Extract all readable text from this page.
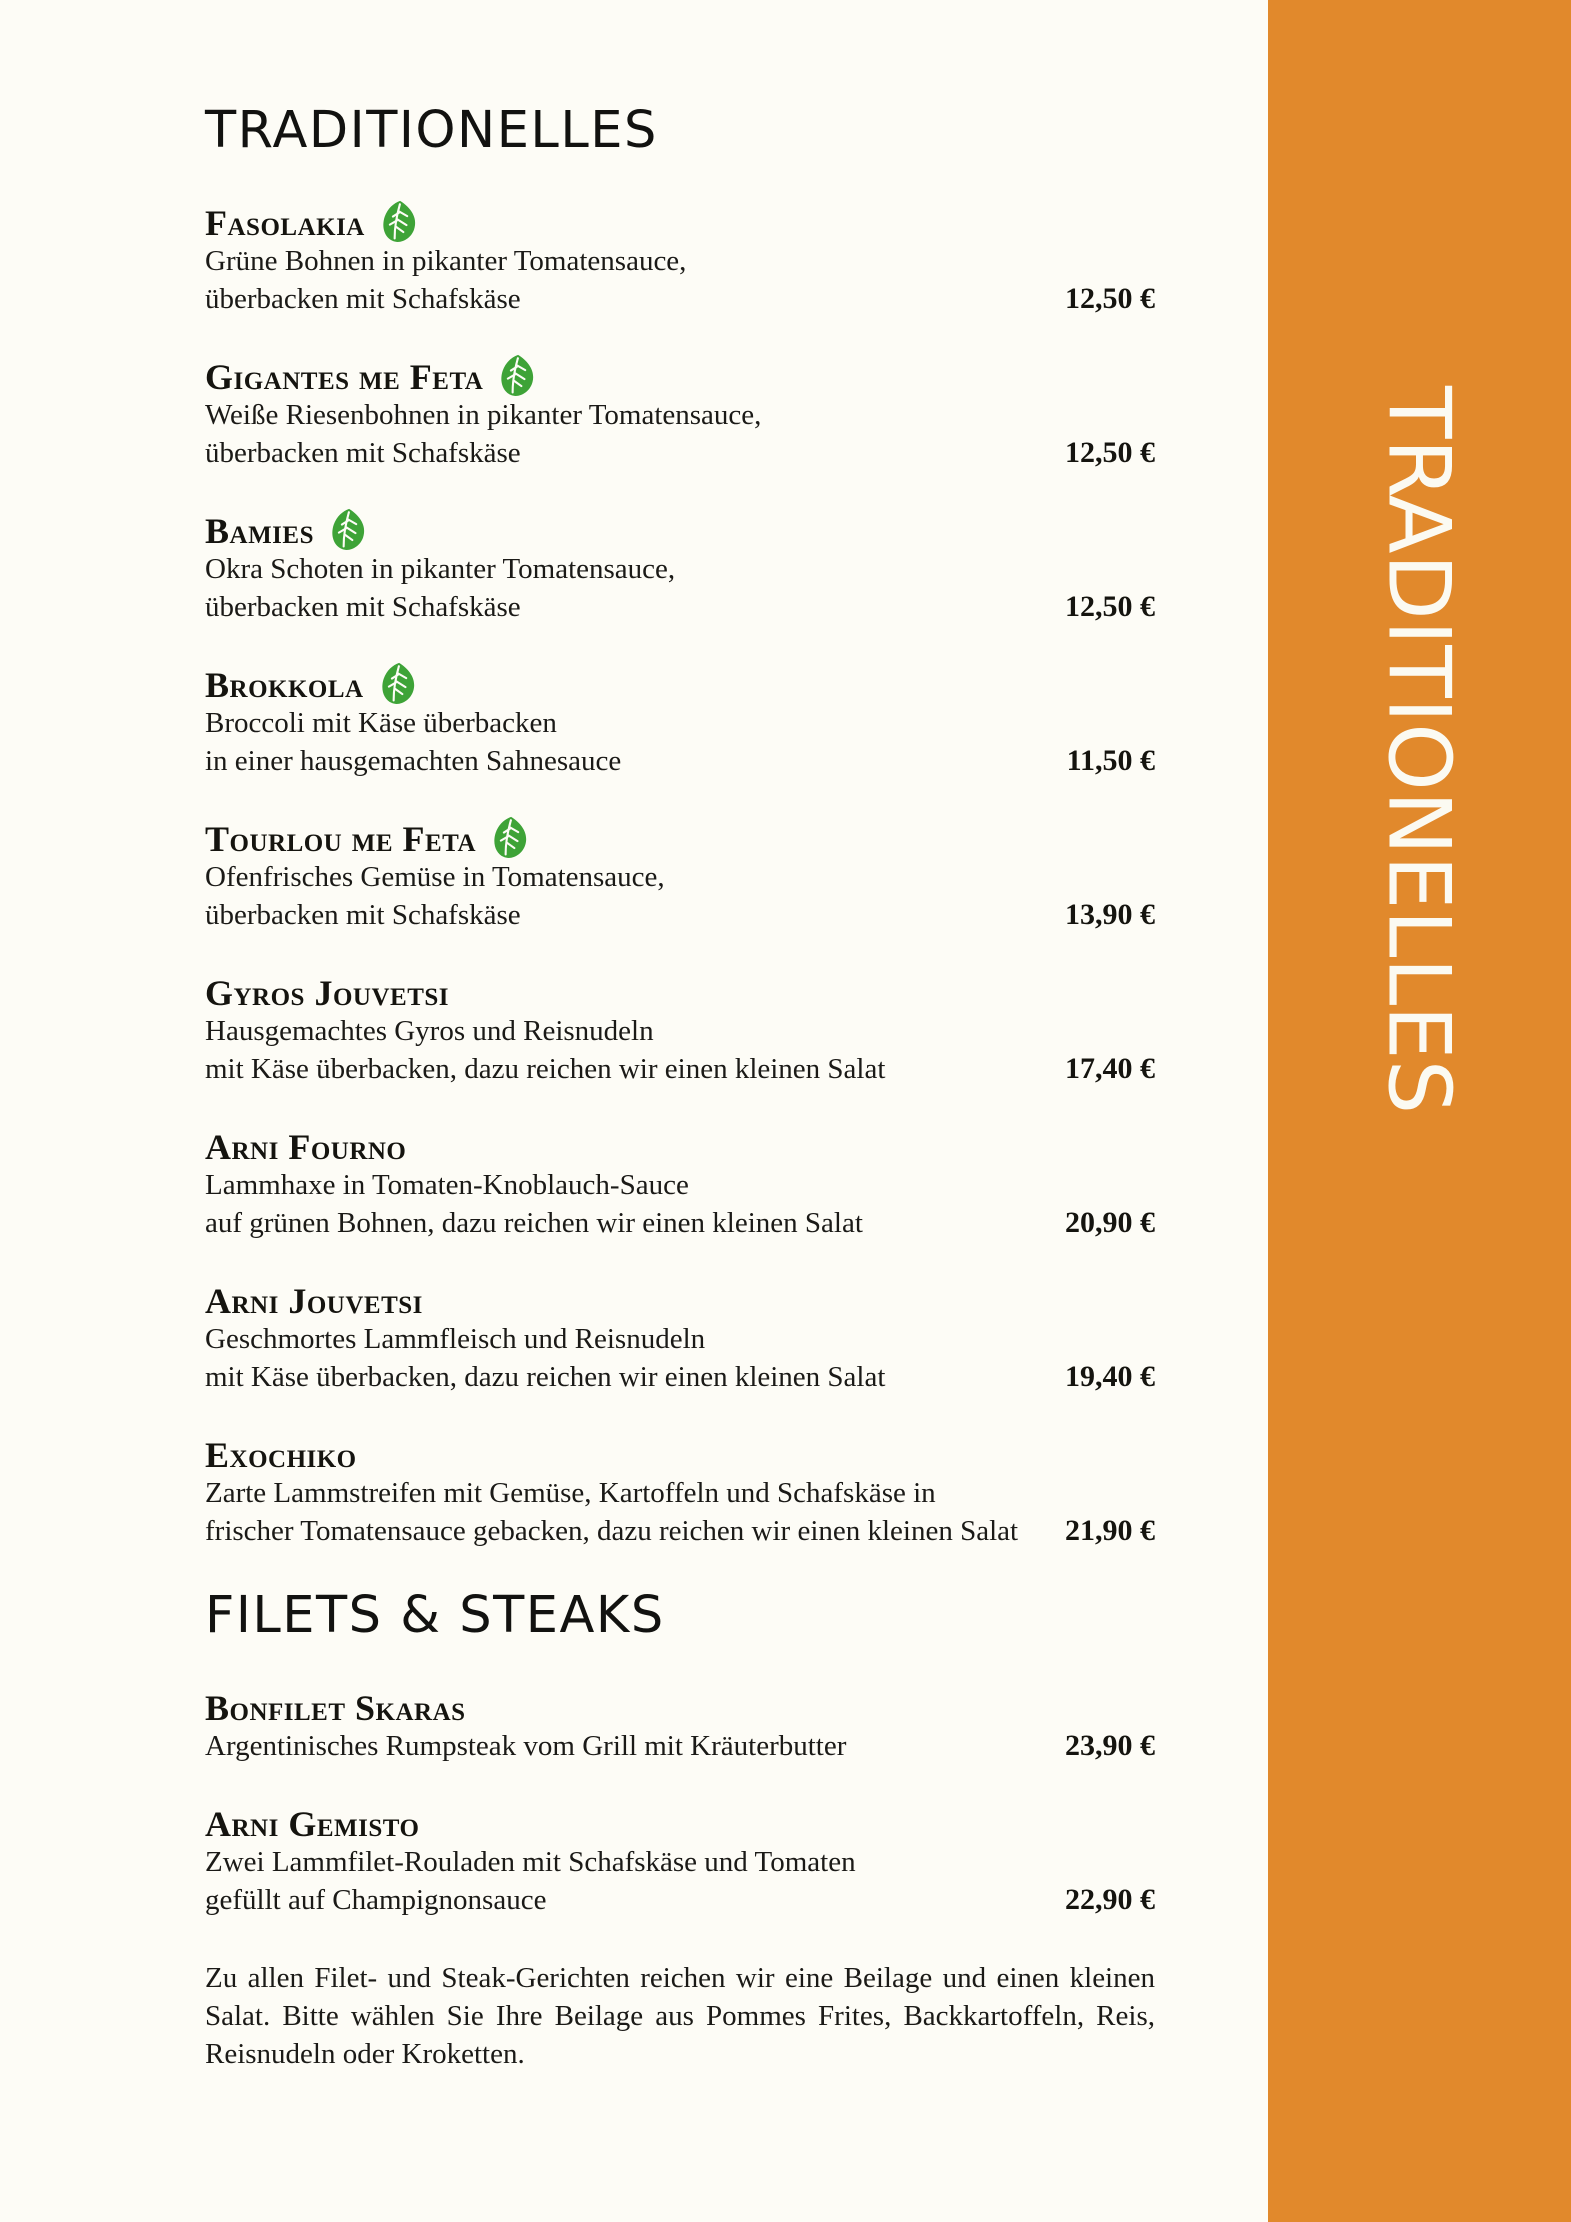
TRADITIONELLES
TRADITIONELLES
Fasolakia
Grüne Bohnen in pikanter Tomatensauce,
überbacken mit Schafskäse	12,50 €
Gigantes me Feta
Weiße Riesenbohnen in pikanter Tomatensauce,
überbacken mit Schafskäse	12,50 €
Bamies
Okra Schoten in pikanter Tomatensauce,
überbacken mit Schafskäse	12,50 €
Brokkola
Broccoli mit Käse überbacken
in einer hausgemachten Sahnesauce	11,50 €
Tourlou me Feta
Ofenfrisches Gemüse in Tomatensauce,
überbacken mit Schafskäse	13,90 €
Gyros Jouvetsi
Hausgemachtes Gyros und Reisnudeln
mit Käse überbacken, dazu reichen wir einen kleinen Salat	17,40 €
Arni Fourno
Lammhaxe in Tomaten-Knoblauch-Sauce
auf grünen Bohnen, dazu reichen wir einen kleinen Salat	20,90 €
Arni Jouvetsi
Geschmortes Lammfleisch und Reisnudeln
mit Käse überbacken, dazu reichen wir einen kleinen Salat	19,40 €
Exochiko
Zarte Lammstreifen mit Gemüse, Kartoffeln und Schafskäse in
frischer Tomatensauce gebacken, dazu reichen wir einen kleinen Salat	21,90 €
FILETS & STEAKS
Bonfilet Skaras
Argentinisches Rumpsteak vom Grill mit Kräuterbutter	23,90 €
Arni Gemisto
Zwei Lammfilet-Rouladen mit Schafskäse und Tomaten
gefüllt auf Champignonsauce	22,90 €

Zu allen Filet- und Steak-Gerichten reichen wir eine Beilage und einen kleinen Salat. Bitte wählen Sie Ihre Beilage aus Pommes Frites, Backkartoffeln, Reis, Reisnudeln oder Kroketten.
